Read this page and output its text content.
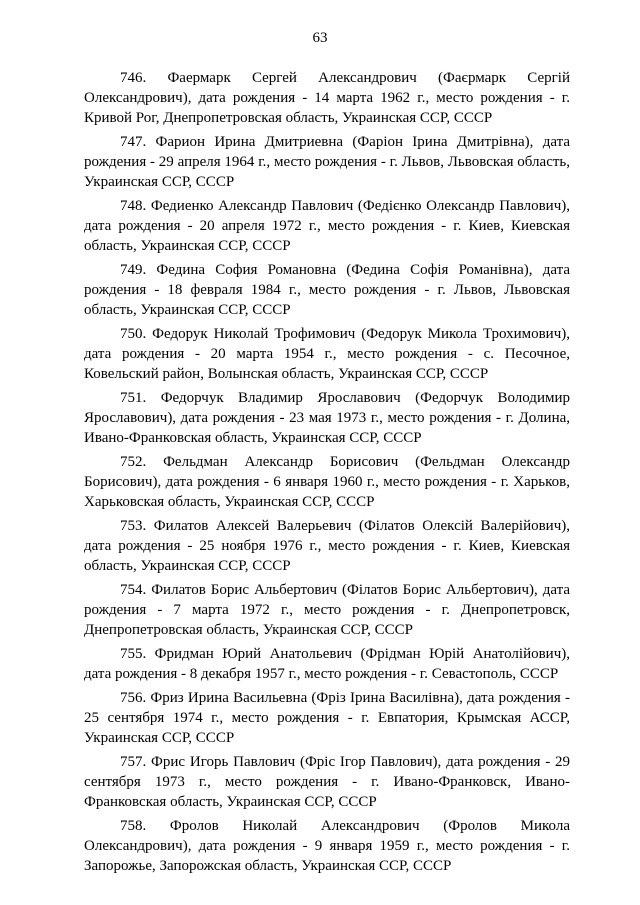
63

746. Фаермарк Сергей Александрович (Фаєрмарк Сергій Олександрович), дата рождения - 14 марта 1962 г., место рождения - г. Кривой Рог, Днепропетровская область, Украинская ССР, СССР

747. Фарион Ирина Дмитриевна (Фаріон Ірина Дмитрівна), дата рождения - 29 апреля 1964 г., место рождения - г. Львов, Львовская область, Украинская ССР, СССР

748. Федиенко Александр Павлович (Федієнко Олександр Павлович), дата рождения - 20 апреля 1972 г., место рождения - г. Киев, Киевская область, Украинская ССР, СССР

749. Федина София Романовна (Федина Софія Романівна), дата рождения - 18 февраля 1984 г., место рождения - г. Львов, Львовская область, Украинская ССР, СССР

750. Федорук Николай Трофимович (Федорук Микола Трохимович), дата рождения - 20 марта 1954 г., место рождения - с. Песочное, Ковельский район, Волынская область, Украинская ССР, СССР

751. Федорчук Владимир Ярославович (Федорчук Володимир Ярославович), дата рождения - 23 мая 1973 г., место рождения - г. Долина, Ивано-Франковская область, Украинская ССР, СССР

752. Фельдман Александр Борисович (Фельдман Олександр Борисович), дата рождения - 6 января 1960 г., место рождения - г. Харьков, Харьковская область, Украинская ССР, СССР

753. Филатов Алексей Валерьевич (Філатов Олексій Валерійович), дата рождения - 25 ноября 1976 г., место рождения - г. Киев, Киевская область, Украинская ССР, СССР

754. Филатов Борис Альбертович (Філатов Борис Альбертович), дата рождения - 7 марта 1972 г., место рождения - г. Днепропетровск, Днепропетровская область, Украинская ССР, СССР

755. Фридман Юрий Анатольевич (Фрідман Юрій Анатолійович), дата рождения - 8 декабря 1957 г., место рождения - г. Севастополь, СССР

756. Фриз Ирина Васильевна (Фріз Ірина Василівна), дата рождения - 25 сентября 1974 г., место рождения - г. Евпатория, Крымская АССР, Украинская ССР, СССР

757. Фрис Игорь Павлович (Фріс Ігор Павлович), дата рождения - 29 сентября 1973 г., место рождения - г. Ивано-Франковск, Ивано-Франковская область, Украинская ССР, СССР

758. Фролов Николай Александрович (Фролов Микола Олександрович), дата рождения - 9 января 1959 г., место рождения - г. Запорожье, Запорожская область, Украинская ССР, СССР
